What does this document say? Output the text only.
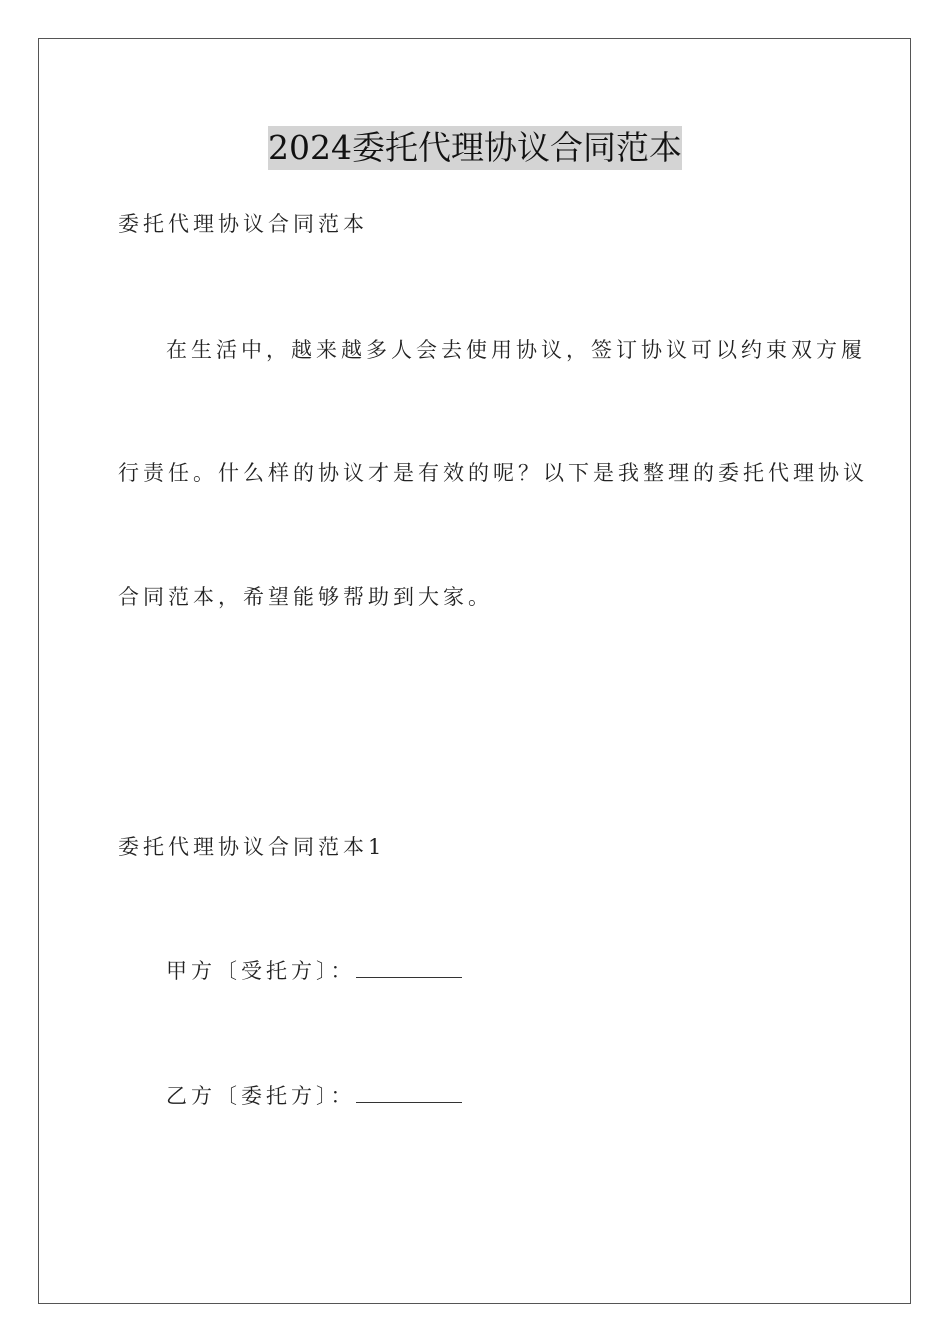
2024委托代理协议合同范本
委托代理协议合同范本
在生活中，越来越多人会去使用协议，签订协议可以约束双方履
行责任。什么样的协议才是有效的呢？以下是我整理的委托代理协议
合同范本，希望能够帮助到大家。
委托代理协议合同范本1
甲方〔受托方〕：
乙方〔委托方〕：
